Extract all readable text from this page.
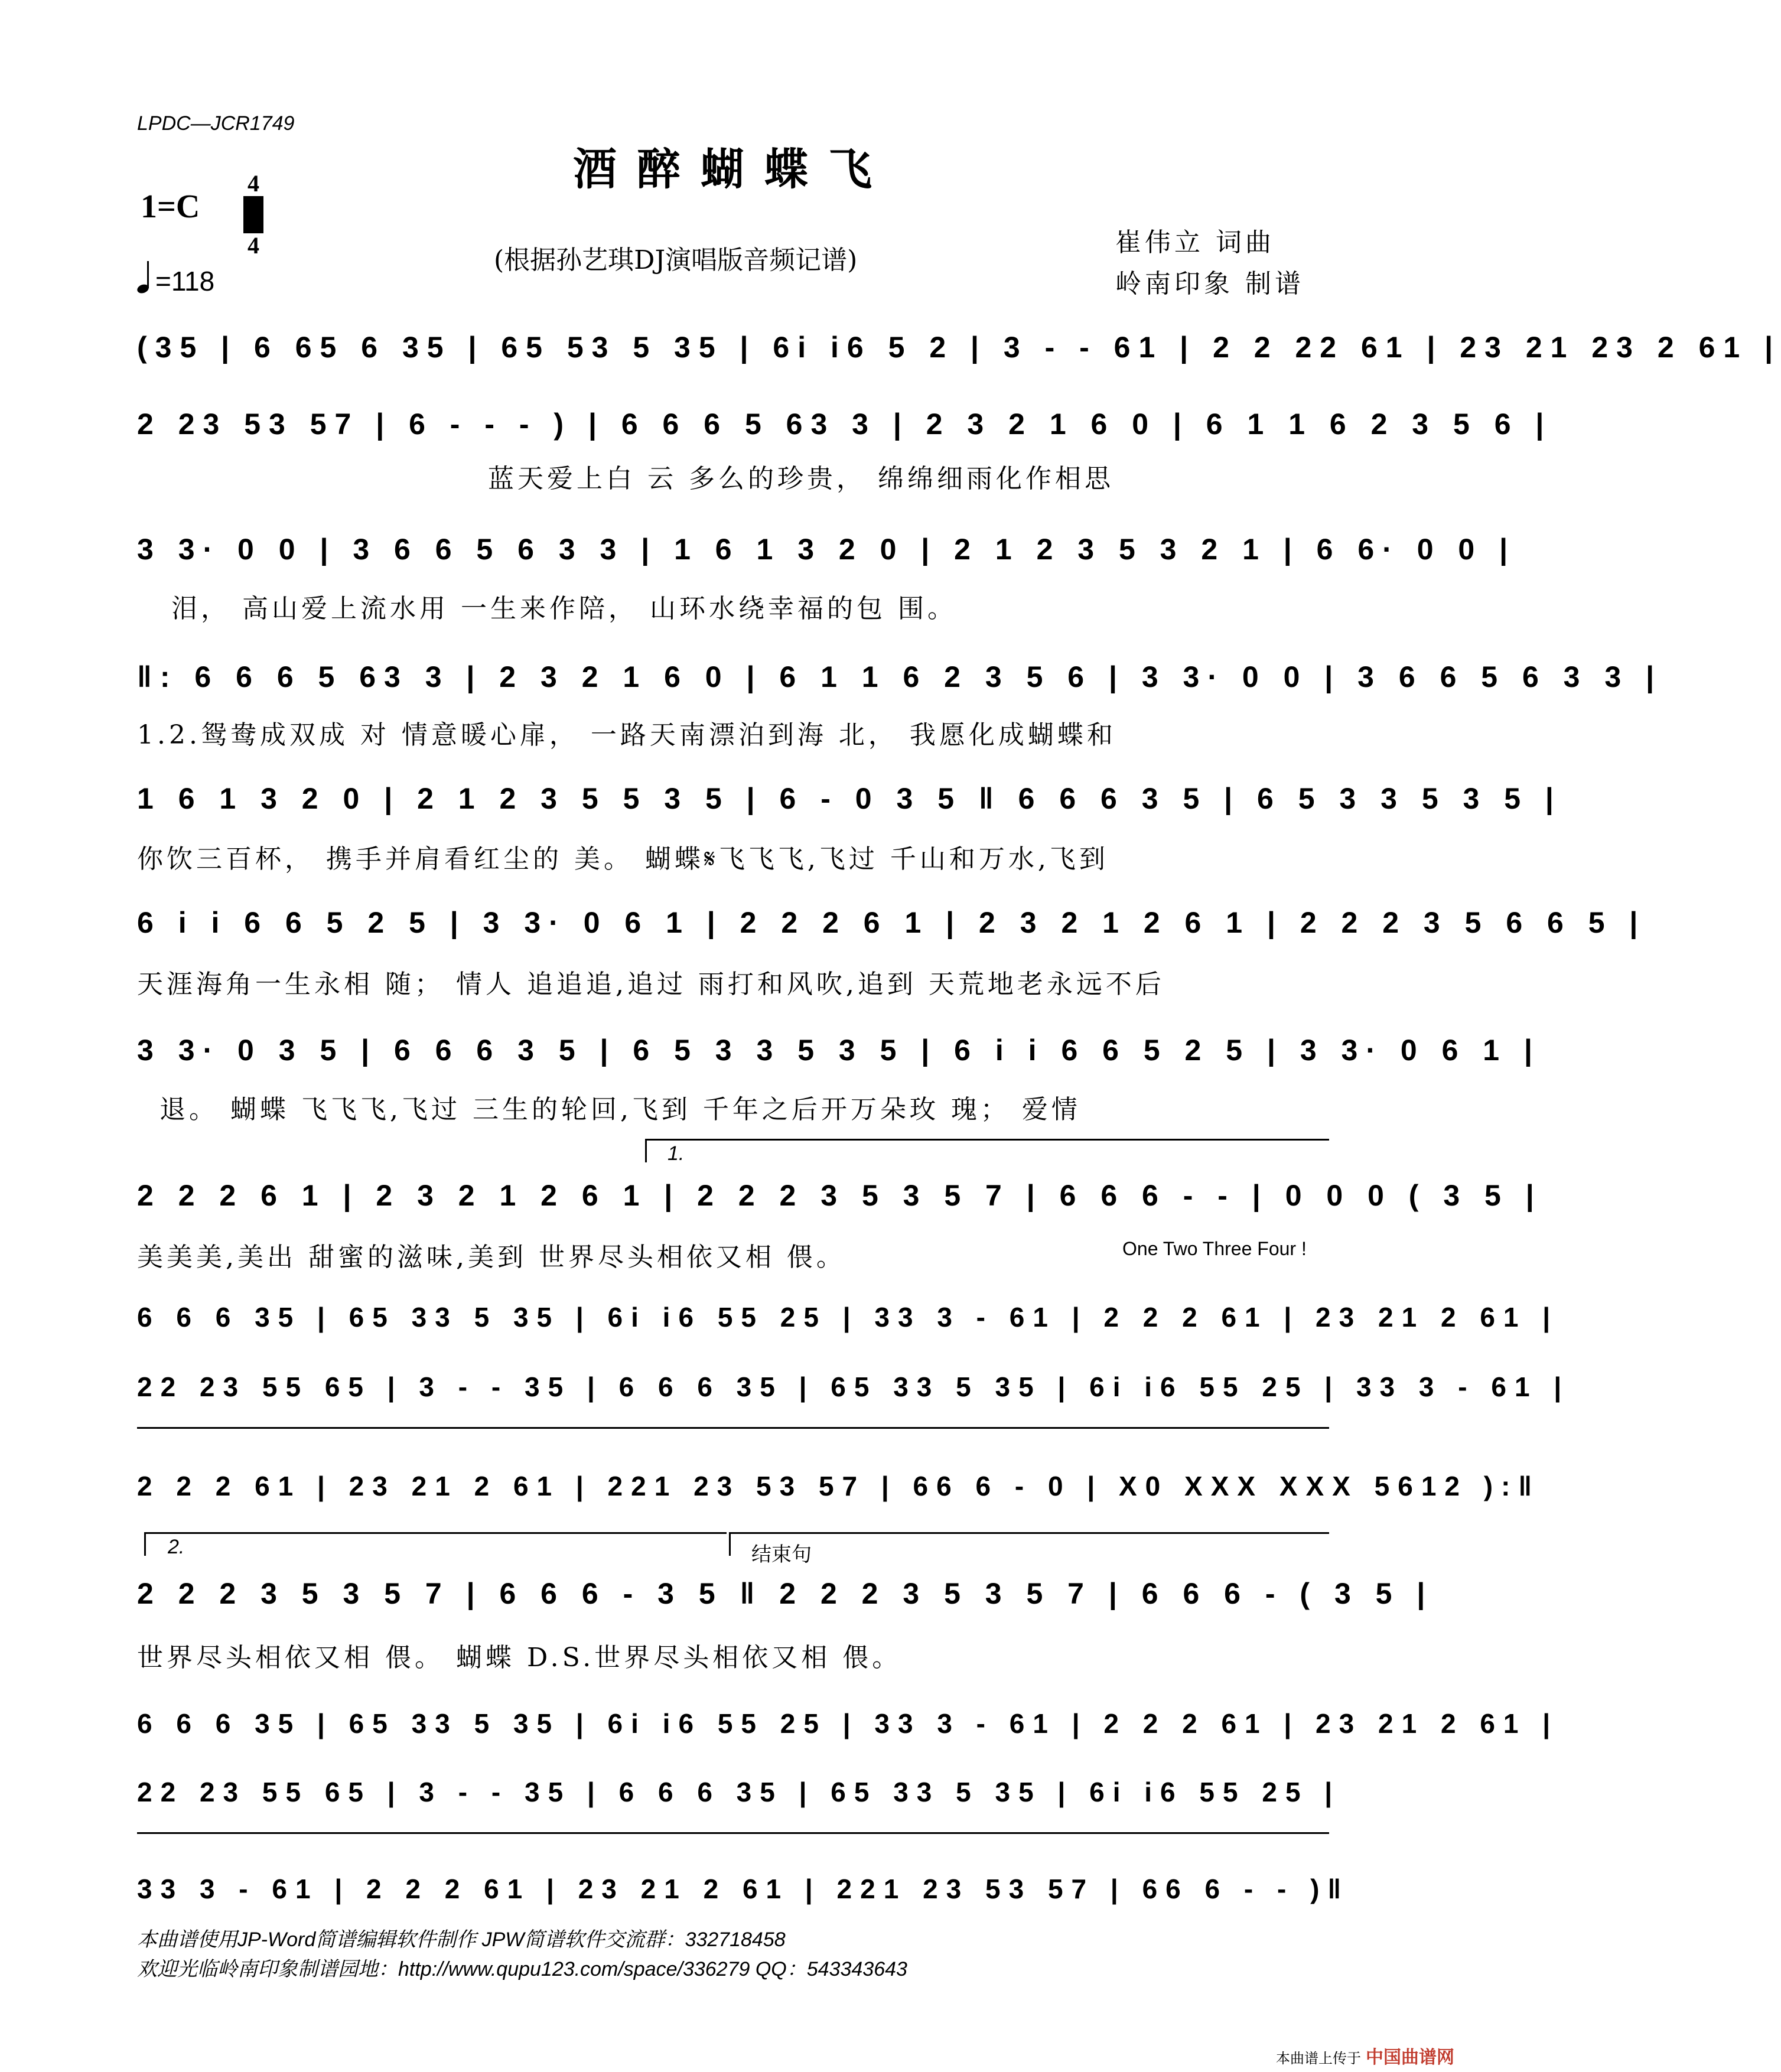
LPDC—JCR1749
酒醉蝴蝶飞
1=C
4
4
=118
(根据孙艺琪DJ演唱版音频记谱)
崔伟立 词曲
岭南印象 制谱
(35 | 6 65 6 35 | 65 53 5 35 | 6i i6 5 2 | 3 - - 61 | 2 2 22 61 | 23 21 23 2 61 |
2 23 53 57 | 6 - - - ) | 6 6 6 5 63 3 | 2 3 2 1 6 0 | 6 1 1 6 2 3 5 6 |
蓝天爱上白 云 多么的珍贵， 绵绵细雨化作相思
3 3· 0 0 | 3 6 6 5 6 3 3 | 1 6 1 3 2 0 | 2 1 2 3 5 3 2 1 | 6 6· 0 0 |
泪， 高山爱上流水用 一生来作陪， 山环水绕幸福的包 围。
‖: 6 6 6 5 63 3 | 2 3 2 1 6 0 | 6 1 1 6 2 3 5 6 | 3 3· 0 0 | 3 6 6 5 6 3 3 |
1.2.鸳鸯成双成 对 情意暖心扉， 一路天南漂泊到海 北， 我愿化成蝴蝶和
1 6 1 3 2 0 | 2 1 2 3 5 5 3 5 | 6 - 0 3 5 ‖ 6 6 6 3 5 | 6 5 3 3 5 3 5 |
你饮三百杯， 携手并肩看红尘的 美。 蝴蝶𝄋飞飞飞,飞过 千山和万水,飞到
6 i i 6 6 5 2 5 | 3 3· 0 6 1 | 2 2 2 6 1 | 2 3 2 1 2 6 1 | 2 2 2 3 5 6 6 5 |
天涯海角一生永相 随； 情人 追追追,追过 雨打和风吹,追到 天荒地老永远不后
3 3· 0 3 5 | 6 6 6 3 5 | 6 5 3 3 5 3 5 | 6 i i 6 6 5 2 5 | 3 3· 0 6 1 |
退。 蝴蝶 飞飞飞,飞过 三生的轮回,飞到 千年之后开万朵玫 瑰； 爱情
1.
2 2 2 6 1 | 2 3 2 1 2 6 1 | 2 2 2 3 5 3 5 7 | 6 6 6 - - | 0 0 0 ( 3 5 |
美美美,美出 甜蜜的滋味,美到 世界尽头相依又相 偎。	One Two Three Four !
6 6 6 35 | 65 33 5 35 | 6i i6 55 25 | 33 3 - 61 | 2 2 2 61 | 23 21 2 61 |
22 23 55 65 | 3 - - 35 | 6 6 6 35 | 65 33 5 35 | 6i i6 55 25 | 33 3 - 61 |
2 2 2 61 | 23 21 2 61 | 221 23 53 57 | 66 6 - 0 | X0 XXX XXX 5612 ):‖
2.	结束句
2 2 2 3 5 3 5 7 | 6 6 6 - 3 5 ‖ 2 2 2 3 5 3 5 7 | 6 6 6 - ( 3 5 |
世界尽头相依又相 偎。 蝴蝶 D.S.世界尽头相依又相 偎。
6 6 6 35 | 65 33 5 35 | 6i i6 55 25 | 33 3 - 61 | 2 2 2 61 | 23 21 2 61 |
22 23 55 65 | 3 - - 35 | 6 6 6 35 | 65 33 5 35 | 6i i6 55 25 |
33 3 - 61 | 2 2 2 61 | 23 21 2 61 | 221 23 53 57 | 66 6 - - )‖
本曲谱使用JP-Word简谱编辑软件制作 JPW简谱软件交流群：332718458
欢迎光临岭南印象制谱园地：http://www.qupu123.com/space/336279 QQ：543343643
本曲谱上传于 中国曲谱网
